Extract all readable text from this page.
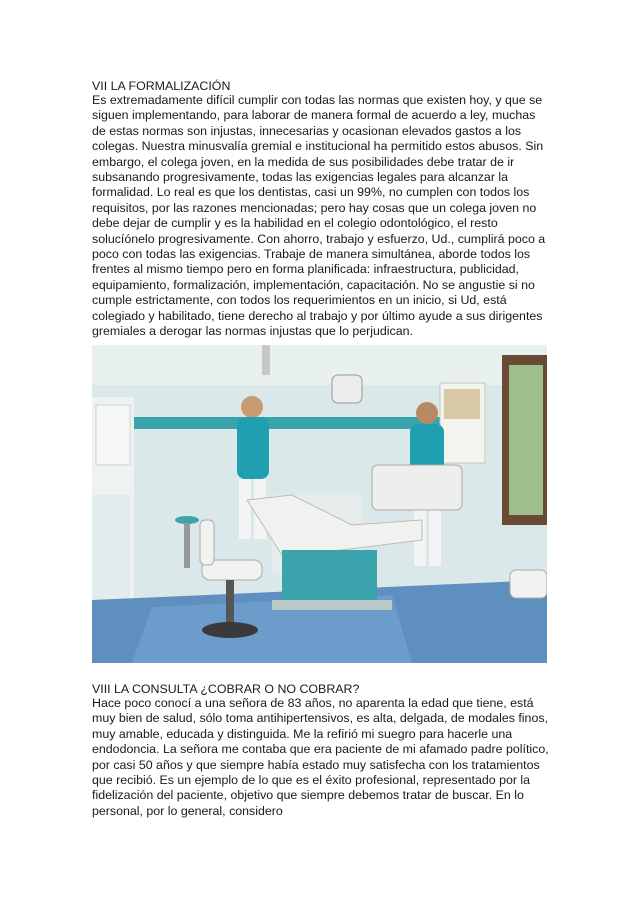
VII LA FORMALIZACIÓN

Es extremadamente difícil cumplir con todas las normas que existen hoy, y que se siguen implementando, para laborar de manera formal de acuerdo a ley, muchas de estas normas son injustas, innecesarias y ocasionan elevados gastos a los colegas. Nuestra minusvalía gremial e institucional ha permitido estos abusos. Sin embargo, el colega joven, en la medida de sus posibilidades debe tratar de ir subsanando progresivamente, todas las exigencias legales para alcanzar la formalidad. Lo real es que los dentistas, casi un 99%, no cumplen con todos los requisitos, por las razones mencionadas; pero hay cosas que un colega joven no debe dejar de cumplir y es la habilidad en el colegio odontológico, el resto solucíónelo progresivamente. Con ahorro, trabajo y esfuerzo, Ud., cumplirá poco a poco con todas las exigencias. Trabaje de manera simultánea, aborde todos los frentes al mismo tiempo pero en forma planificada: infraestructura, publicidad, equipamiento, formalización, implementación, capacitación. No se angustie si no cumple estrictamente, con todos los requerimientos en un inicio, si Ud, está colegiado y habilitado, tiene derecho al trabajo y por último ayude a sus dirigentes gremiales a derogar las normas injustas que lo perjudican.

VIII LA CONSULTA ¿COBRAR O NO COBRAR?

Hace poco conocí a una señora de 83 años, no aparenta la edad que tiene, está muy bien de salud, sólo toma antihipertensivos, es alta, delgada, de modales finos, muy amable, educada y distinguida. Me la refirió mi suegro para hacerle una endodoncia. La señora me contaba que era paciente de mi afamado padre político, por casi 50 años y que siempre había estado muy satisfecha con los tratamientos que recibió. Es un ejemplo de lo que es el éxito profesional, representado por la fidelización del paciente, objetivo que siempre debemos tratar de buscar. En lo personal, por lo general, considero
